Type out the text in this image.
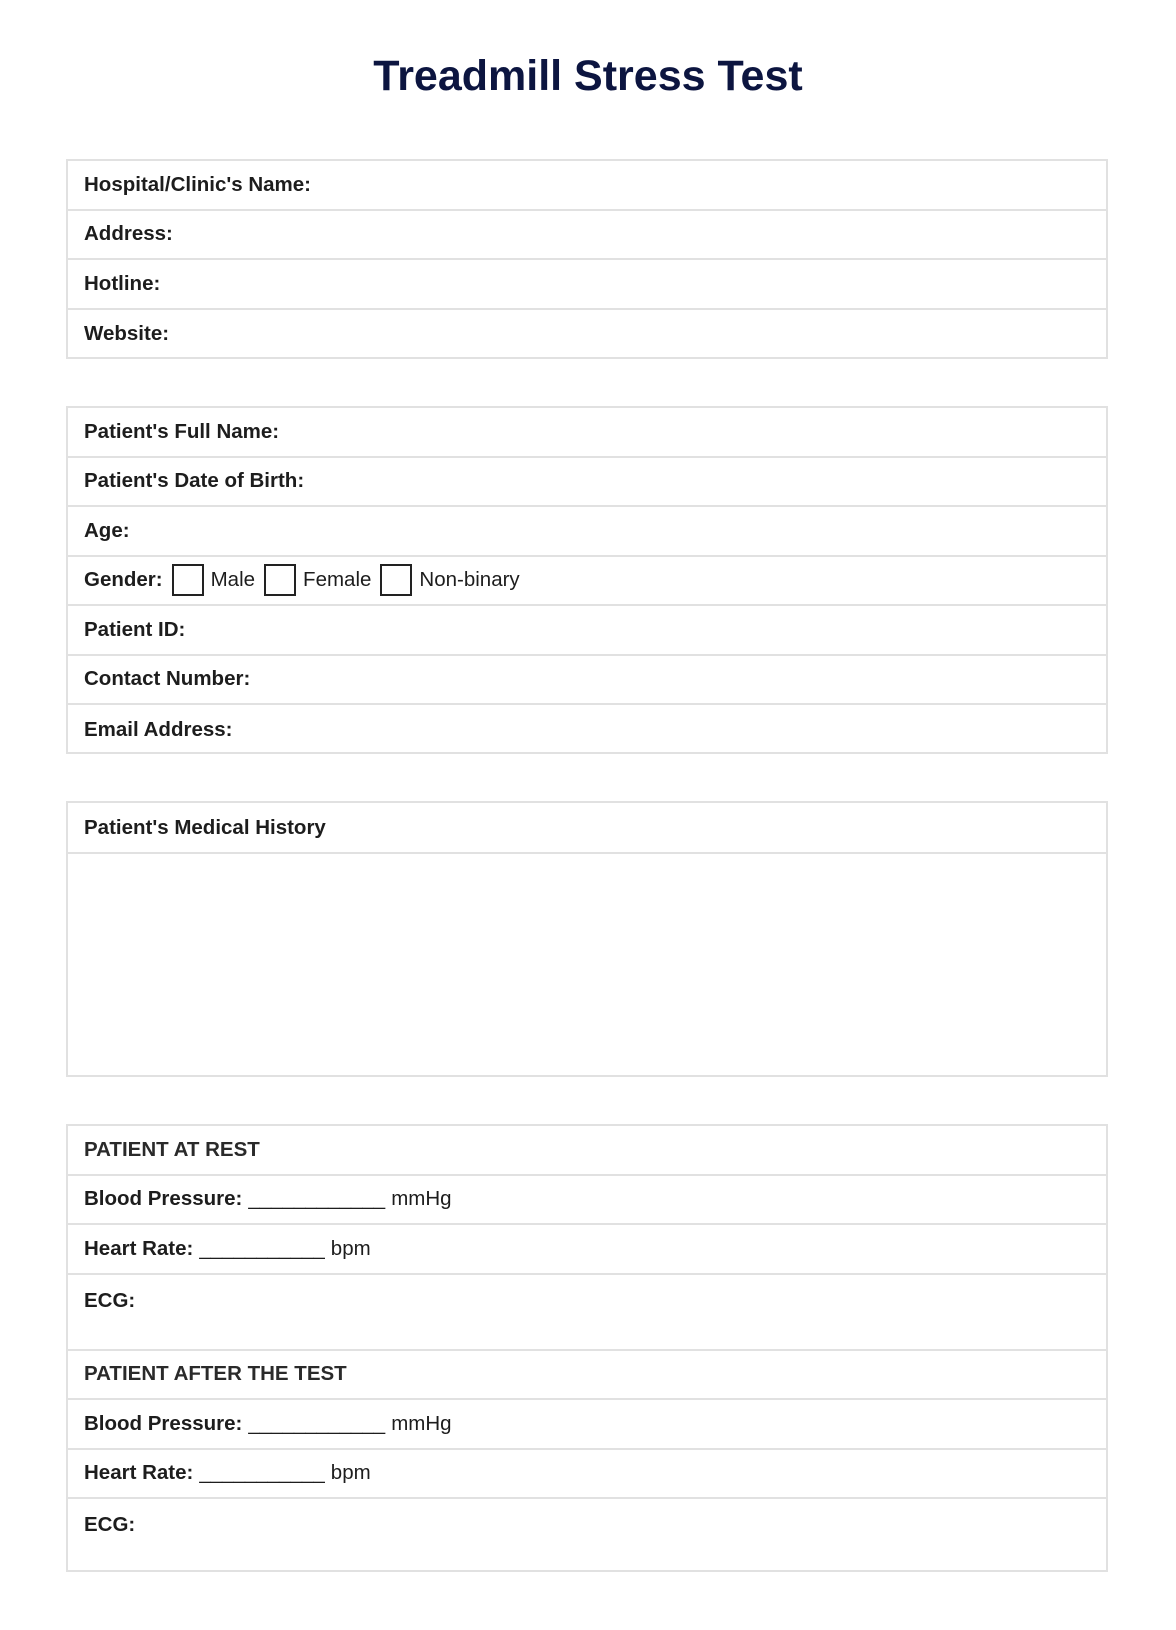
Treadmill Stress Test
Hospital/Clinic's Name:
Address:
Hotline:
Website:
Patient's Full Name:
Patient's Date of Birth:
Age:
Gender: Male Female Non-binary
Patient ID:
Contact Number:
Email Address:
Patient's Medical History
PATIENT AT REST
Blood Pressure: ____________ mmHg
Heart Rate: ___________ bpm
ECG:
PATIENT AFTER THE TEST
Blood Pressure: ____________ mmHg
Heart Rate: ___________ bpm
ECG:
